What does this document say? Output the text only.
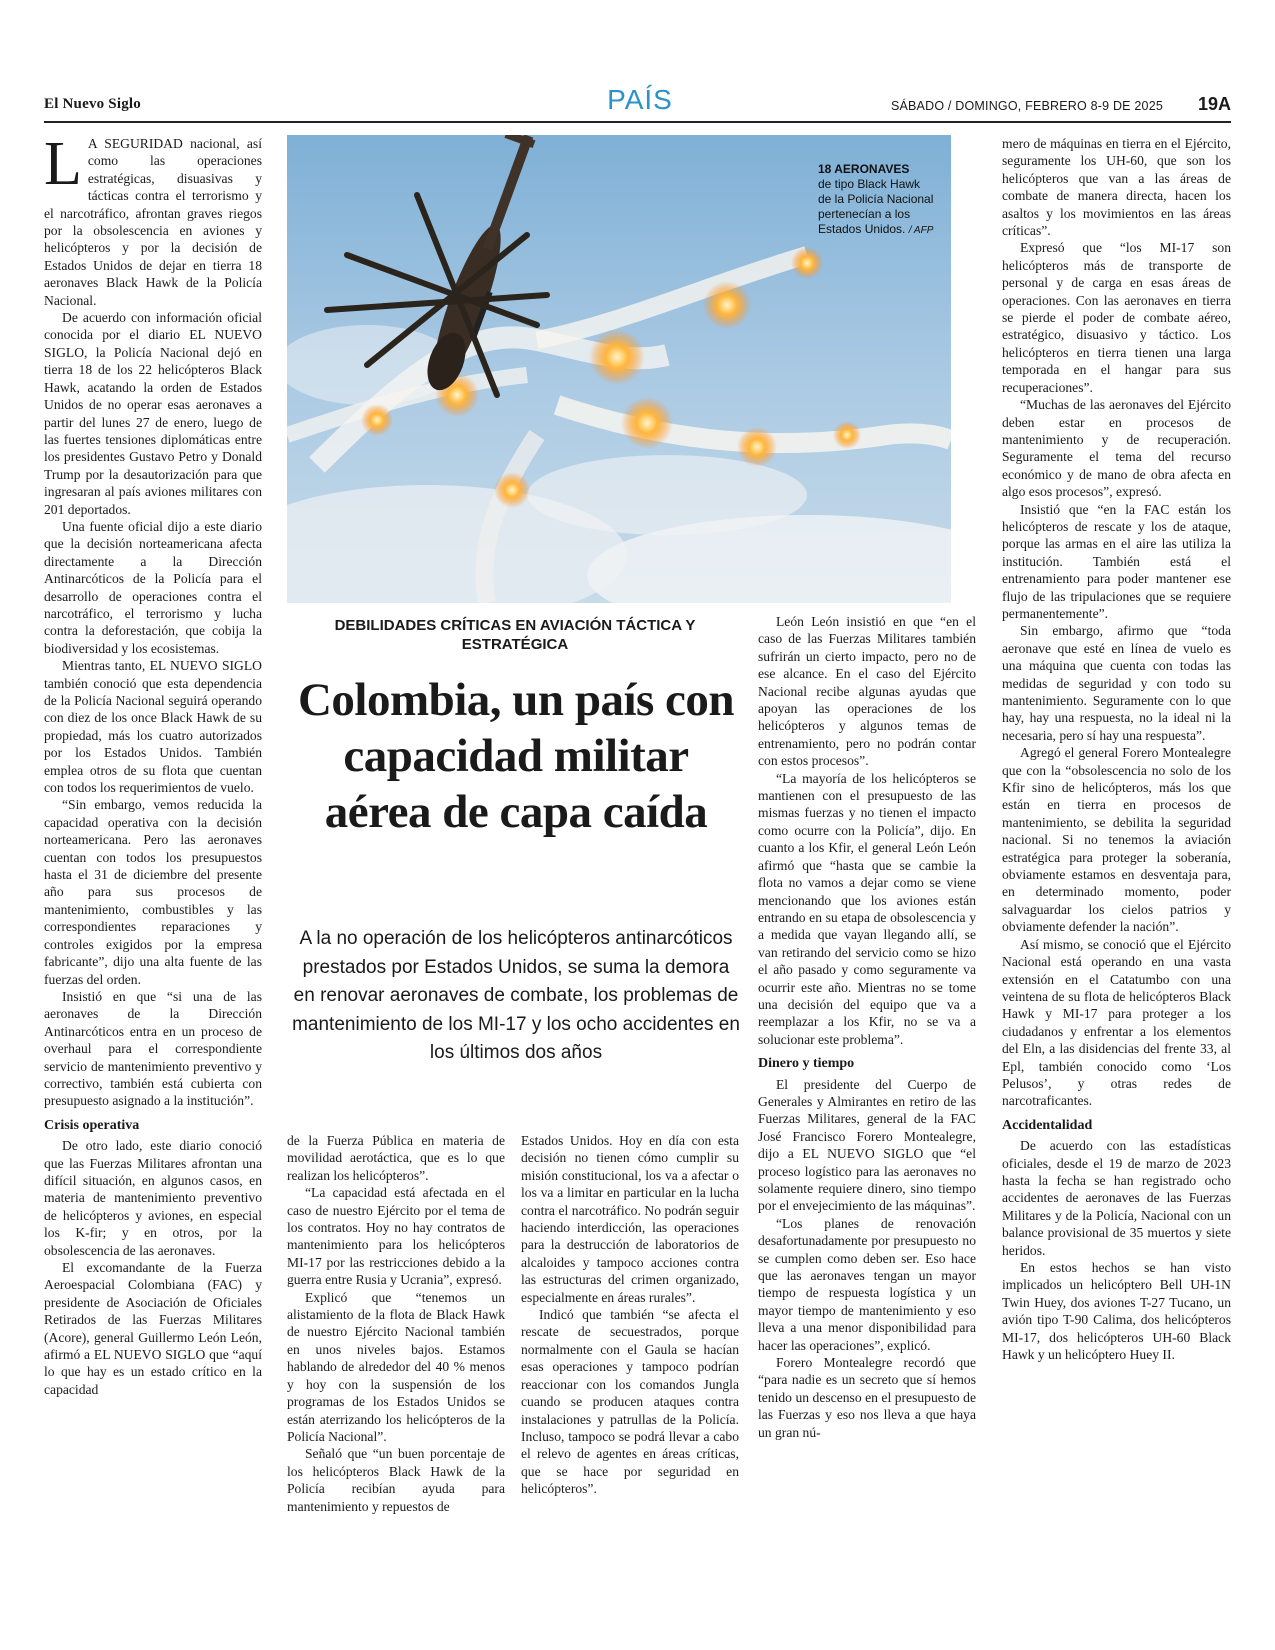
El Nuevo Siglo	PAÍS	SÁBADO / DOMINGO, FEBRERO 8-9 DE 2025 19A

L A SEGURIDAD nacional, así como las operaciones estratégicas, disuasivas y tácticas contra el terrorismo y el narcotráfico, afrontan graves riegos por la obsolescencia en aviones y helicópteros y por la decisión de Estados Unidos de dejar en tierra 18 aeronaves Black Hawk de la Policía Nacional.

De acuerdo con información oficial conocida por el diario EL NUEVO SIGLO, la Policía Nacional dejó en tierra 18 de los 22 helicópteros Black Hawk, acatando la orden de Estados Unidos de no operar esas aeronaves a partir del lunes 27 de enero, luego de las fuertes tensiones diplomáticas entre los presidentes Gustavo Petro y Donald Trump por la desautorización para que ingresaran al país aviones militares con 201 deportados.

Una fuente oficial dijo a este diario que la decisión norteamericana afecta directamente a la Dirección Antinarcóticos de la Policía para el desarrollo de operaciones contra el narcotráfico, el terrorismo y lucha contra la deforestación, que cobija la biodiversidad y los ecosistemas.

Mientras tanto, EL NUEVO SIGLO también conoció que esta dependencia de la Policía Nacional seguirá operando con diez de los once Black Hawk de su propiedad, más los cuatro autorizados por los Estados Unidos. También emplea otros de su flota que cuentan con todos los requerimientos de vuelo.

“Sin embargo, vemos reducida la capacidad operativa con la decisión norteamericana. Pero las aeronaves cuentan con todos los presupuestos hasta el 31 de diciembre del presente año para sus procesos de mantenimiento, combustibles y las correspondientes reparaciones y controles exigidos por la empresa fabricante”, dijo una alta fuente de las fuerzas del orden.

Insistió en que “si una de las aeronaves de la Dirección Antinarcóticos entra en un proceso de overhaul para el correspondiente servicio de mantenimiento preventivo y correctivo, también está cubierta con presupuesto asignado a la institución”.

Crisis operativa

De otro lado, este diario conoció que las Fuerzas Militares afrontan una difícil situación, en algunos casos, en materia de mantenimiento preventivo de helicópteros y aviones, en especial los K-fir; y en otros, por la obsolescencia de las aeronaves.

El excomandante de la Fuerza Aeroespacial Colombiana (FAC) y presidente de Asociación de Oficiales Retirados de las Fuerzas Militares (Acore), general Guillermo León León, afirmó a EL NUEVO SIGLO que “aquí lo que hay es un estado crítico en la capacidad

18 AERONAVES
de tipo Black Hawk de la Policía Nacional pertenecían a los Estados Unidos. / AFP
DEBILIDADES CRÍTICAS EN AVIACIÓN TÁCTICA Y ESTRATÉGICA
Colombia, un país con capacidad militar aérea de capa caída
A la no operación de los helicópteros antinarcóticos prestados por Estados Unidos, se suma la demora en renovar aeronaves de combate, los problemas de mantenimiento de los MI-17 y los ocho accidentes en los últimos dos años

de la Fuerza Pública en materia de movilidad aerotáctica, que es lo que realizan los helicópteros”.

“La capacidad está afectada en el caso de nuestro Ejército por el tema de los contratos. Hoy no hay contratos de mantenimiento para los helicópteros MI-17 por las restricciones debido a la guerra entre Rusia y Ucrania”, expresó.

Explicó que “tenemos un alistamiento de la flota de Black Hawk de nuestro Ejército Nacional también en unos niveles bajos. Estamos hablando de alrededor del 40 % menos y hoy con la suspensión de los programas de los Estados Unidos se están aterrizando los helicópteros de la Policía Nacional”.

Señaló que “un buen porcentaje de los helicópteros Black Hawk de la Policía recibían ayuda para mantenimiento y repuestos de

Estados Unidos. Hoy en día con esta decisión no tienen cómo cumplir su misión constitucional, los va a afectar o los va a limitar en particular en la lucha contra el narcotráfico. No podrán seguir haciendo interdicción, las operaciones para la destrucción de laboratorios de alcaloides y tampoco acciones contra las estructuras del crimen organizado, especialmente en áreas rurales”.

Indicó que también “se afecta el rescate de secuestrados, porque normalmente con el Gaula se hacían esas operaciones y tampoco podrían reaccionar con los comandos Jungla cuando se producen ataques contra instalaciones y patrullas de la Policía. Incluso, tampoco se podrá llevar a cabo el relevo de agentes en áreas críticas, que se hace por seguridad en helicópteros”.

León León insistió en que “en el caso de las Fuerzas Militares también sufrirán un cierto impacto, pero no de ese alcance. En el caso del Ejército Nacional recibe algunas ayudas que apoyan las operaciones de los helicópteros y algunos temas de entrenamiento, pero no podrán contar con estos procesos”.

“La mayoría de los helicópteros se mantienen con el presupuesto de las mismas fuerzas y no tienen el impacto como ocurre con la Policía”, dijo. En cuanto a los Kfir, el general León León afirmó que “hasta que se cambie la flota no vamos a dejar como se viene mencionando que los aviones están entrando en su etapa de obsolescencia y a medida que vayan llegando allí, se van retirando del servicio como se hizo el año pasado y como seguramente va ocurrir este año. Mientras no se tome una decisión del equipo que va a reemplazar a los Kfir, no se va a solucionar este problema”.

Dinero y tiempo

El presidente del Cuerpo de Generales y Almirantes en retiro de las Fuerzas Militares, general de la FAC José Francisco Forero Montealegre, dijo a EL NUEVO SIGLO que “el proceso logístico para las aeronaves no solamente requiere dinero, sino tiempo por el envejecimiento de las máquinas”.

“Los planes de renovación desafortunadamente por presupuesto no se cumplen como deben ser. Eso hace que las aeronaves tengan un mayor tiempo de respuesta logística y un mayor tiempo de mantenimiento y eso lleva a una menor disponibilidad para hacer las operaciones”, explicó.

Forero Montealegre recordó que “para nadie es un secreto que sí hemos tenido un descenso en el presupuesto de las Fuerzas y eso nos lleva a que haya un gran nú-

mero de máquinas en tierra en el Ejército, seguramente los UH-60, que son los helicópteros que van a las áreas de combate de manera directa, hacen los asaltos y los movimientos en las áreas críticas”.

Expresó que “los MI-17 son helicópteros más de transporte de personal y de carga en esas áreas de operaciones. Con las aeronaves en tierra se pierde el poder de combate aéreo, estratégico, disuasivo y táctico. Los helicópteros en tierra tienen una larga temporada en el hangar para sus recuperaciones”.

“Muchas de las aeronaves del Ejército deben estar en procesos de mantenimiento y de recuperación. Seguramente el tema del recurso económico y de mano de obra afecta en algo esos procesos”, expresó.

Insistió que “en la FAC están los helicópteros de rescate y los de ataque, porque las armas en el aire las utiliza la institución. También está el entrenamiento para poder mantener ese flujo de las tripulaciones que se requiere permanentemente”.

Sin embargo, afirmo que “toda aeronave que esté en línea de vuelo es una máquina que cuenta con todas las medidas de seguridad y con todo su mantenimiento. Seguramente con lo que hay, hay una respuesta, no la ideal ni la necesaria, pero sí hay una respuesta”.

Agregó el general Forero Montealegre que con la “obsolescencia no solo de los Kfir sino de helicópteros, más los que están en tierra en procesos de mantenimiento, se debilita la seguridad nacional. Si no tenemos la aviación estratégica para proteger la soberanía, obviamente estamos en desventaja para, en determinado momento, poder salvaguardar los cielos patrios y obviamente defender la nación”.

Así mismo, se conoció que el Ejército Nacional está operando en una vasta extensión en el Catatumbo con una veintena de su flota de helicópteros Black Hawk y MI-17 para proteger a los ciudadanos y enfrentar a los elementos del Eln, a las disidencias del frente 33, al Epl, también conocido como ‘Los Pelusos’, y otras redes de narcotraficantes.

Accidentalidad

De acuerdo con las estadísticas oficiales, desde el 19 de marzo de 2023 hasta la fecha se han registrado ocho accidentes de aeronaves de las Fuerzas Militares y de la Policía, Nacional con un balance provisional de 35 muertos y siete heridos.

En estos hechos se han visto implicados un helicóptero Bell UH-1N Twin Huey, dos aviones T-27 Tucano, un avión tipo T-90 Calima, dos helicópteros MI-17, dos helicópteros UH-60 Black Hawk y un helicóptero Huey II.
